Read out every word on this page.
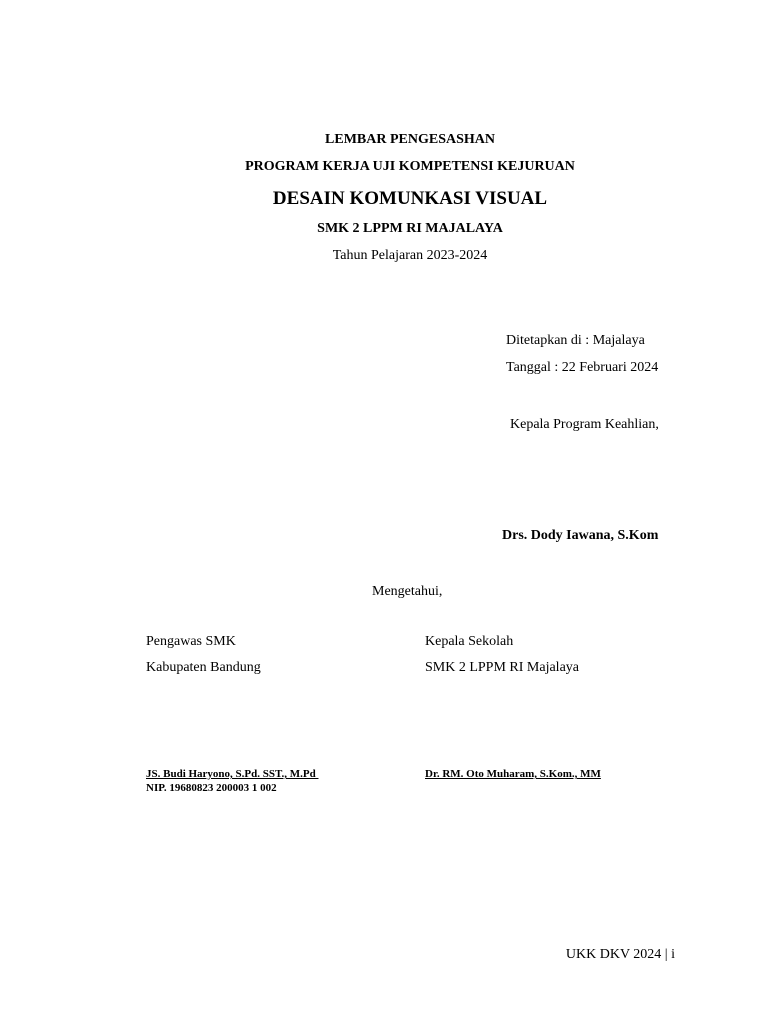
LEMBAR PENGESASHAN
PROGRAM KERJA UJI KOMPETENSI KEJURUAN
DESAIN KOMUNKASI VISUAL
SMK 2 LPPM RI MAJALAYA
Tahun Pelajaran 2023-2024
Ditetapkan di : Majalaya
Tanggal : 22 Februari 2024
Kepala Program Keahlian,
Drs. Dody Iawana, S.Kom
Mengetahui,
Pengawas SMK
Kabupaten Bandung
JS. Budi Haryono, S.Pd. SST., M.Pd
NIP. 19680823 200003 1 002
Kepala Sekolah
SMK 2 LPPM RI Majalaya
Dr. RM. Oto Muharam, S.Kom., MM
UKK DKV 2024 | i
